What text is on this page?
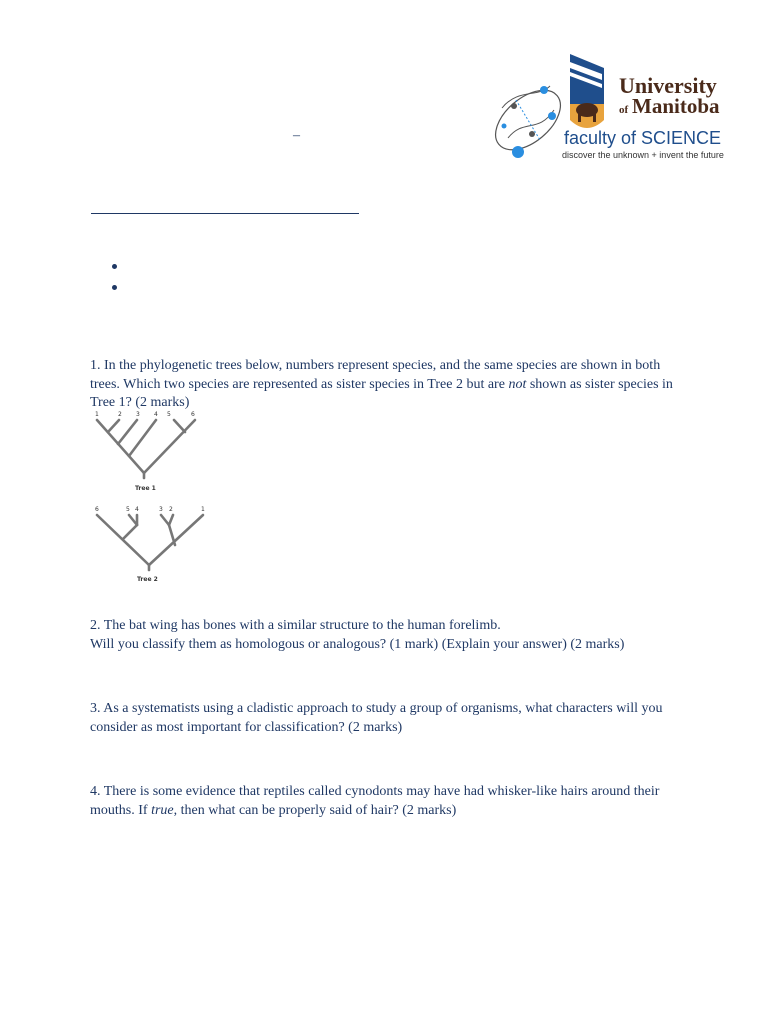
University
of Manitoba
faculty of SCIENCE
discover the unknown + invent the future
–

1. In the phylogenetic trees below, numbers represent species, and the same species are shown in both trees. Which two species are represented as sister species in Tree 2 but are not shown as sister species in Tree 1? (2 marks)

1	2 3 4 5	6
Tree 1
6	5 4	3 2	1
Tree 2

2. The bat wing has bones with a similar structure to the human forelimb.

Will you classify them as homologous or analogous? (1 mark) (Explain your answer) (2 marks)

3. As a systematists using a cladistic approach to study a group of organisms, what characters will you consider as most important for classification? (2 marks)

4. There is some evidence that reptiles called cynodonts may have had whisker-like hairs around their mouths. If true, then what can be properly said of hair? (2 marks)
